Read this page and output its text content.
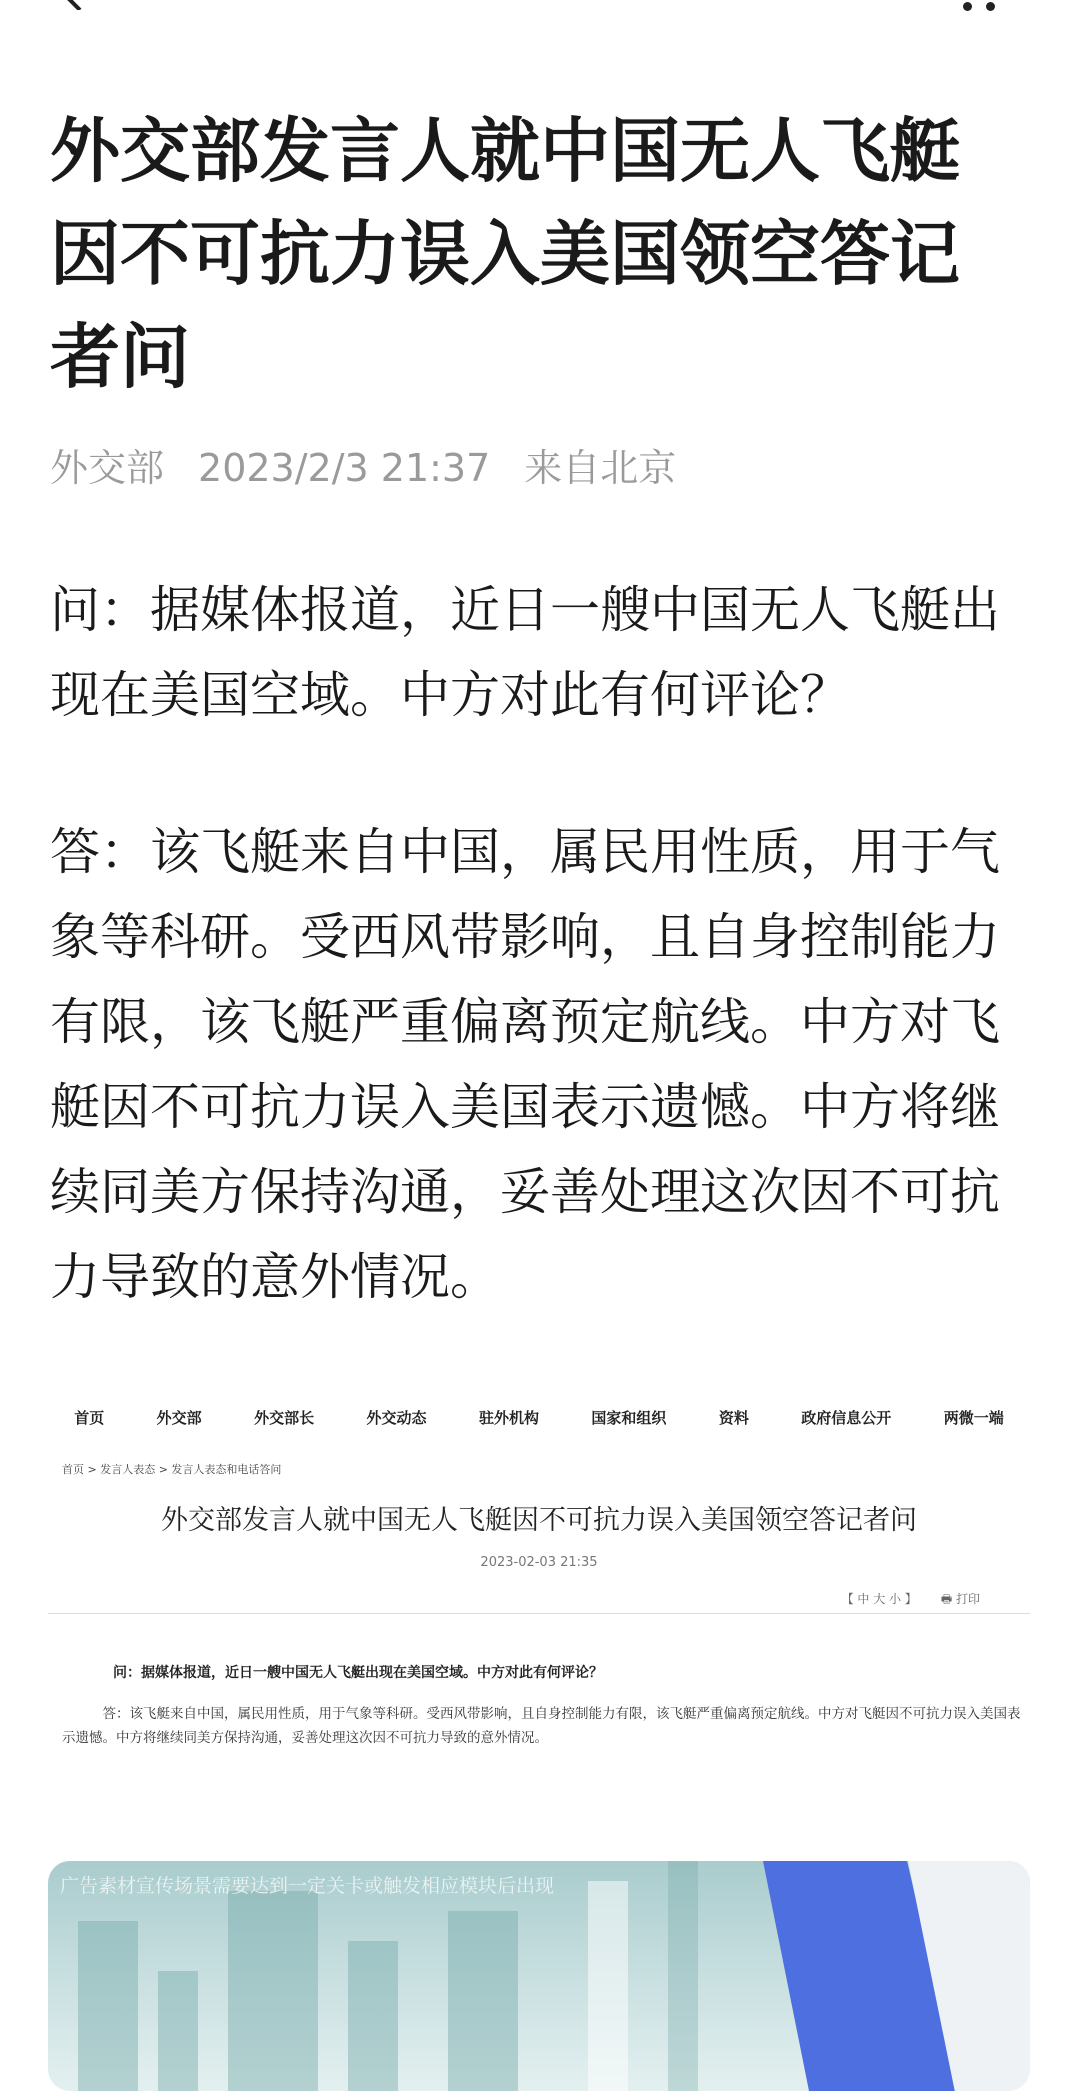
外交部发言人就中国无人飞艇
因不可抗力误入美国领空答记
者问
外交部 2023/2/3 21:37 来自北京
问：据媒体报道，近日一艘中国无人飞艇出
现在美国空域。中方对此有何评论？
答：该飞艇来自中国，属民用性质，用于气
象等科研。受西风带影响，且自身控制能力
有限，该飞艇严重偏离预定航线。中方对飞
艇因不可抗力误入美国表示遗憾。中方将继
续同美方保持沟通，妥善处理这次因不可抗
力导致的意外情况。
首页	外交部	外交部长	外交动态	驻外机构	国家和组织	资料	政府信息公开	两微一端
首页 > 发言人表态 > 发言人表态和电话答问
外交部发言人就中国无人飞艇因不可抗力误入美国领空答记者问
2023-02-03 21:35
【 中 大 小 】 🖶 打印
问：据媒体报道，近日一艘中国无人飞艇出现在美国空域。中方对此有何评论？
   答：该飞艇来自中国，属民用性质，用于气象等科研。受西风带影响，且自身控制能力有限，该飞艇严重偏离预定航线。中方对飞艇因不可抗力误入美国表示遗憾。中方将继续同美方保持沟通，妥善处理这次因不可抗力导致的意外情况。
广告素材宣传场景需要达到一定关卡或触发相应模块后出现
